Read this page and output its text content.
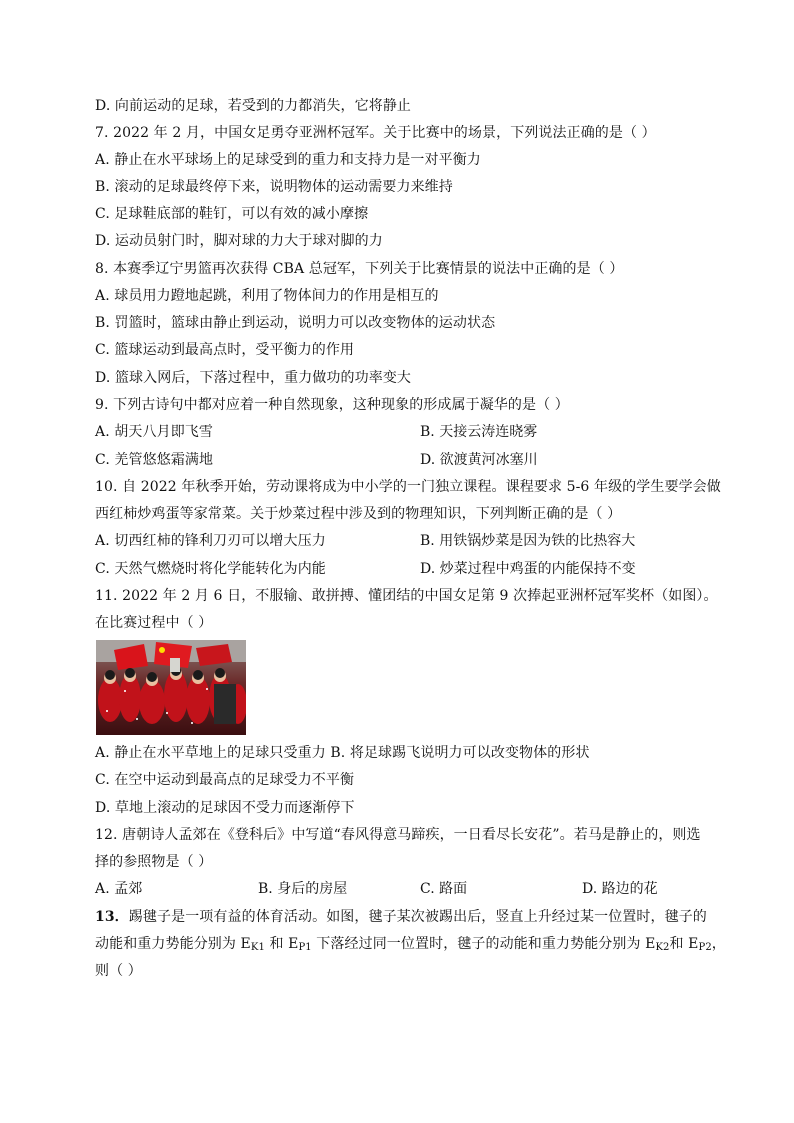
D. 向前运动的足球，若受到的力都消失，它将静止
7. 2022 年 2 月，中国女足勇夺亚洲杯冠军。关于比赛中的场景，下列说法正确的是（ ）
A. 静止在水平球场上的足球受到的重力和支持力是一对平衡力
B. 滚动的足球最终停下来，说明物体的运动需要力来维持
C. 足球鞋底部的鞋钉，可以有效的减小摩擦
D. 运动员射门时，脚对球的力大于球对脚的力
8. 本赛季辽宁男篮再次获得 CBA 总冠军，下列关于比赛情景的说法中正确的是（ ）
A. 球员用力蹬地起跳，利用了物体间力的作用是相互的
B. 罚篮时，篮球由静止到运动，说明力可以改变物体的运动状态
C. 篮球运动到最高点时，受平衡力的作用
D. 篮球入网后，下落过程中，重力做功的功率变大
9. 下列古诗句中都对应着一种自然现象，这种现象的形成属于凝华的是（ ）
A. 胡天八月即飞雪	B. 天接云涛连晓雾
C. 羌管悠悠霜满地	D. 欲渡黄河冰塞川
10. 自 2022 年秋季开始，劳动课将成为中小学的一门独立课程。课程要求 5-6 年级的学生要学会做
西红柿炒鸡蛋等家常菜。关于炒菜过程中涉及到的物理知识，下列判断正确的是（ ）
A. 切西红柿的锋利刀刃可以增大压力	B. 用铁锅炒菜是因为铁的比热容大
C. 天然气燃烧时将化学能转化为内能	D. 炒菜过程中鸡蛋的内能保持不变
11. 2022 年 2 月 6 日，不服输、敢拼搏、懂团结的中国女足第 9 次捧起亚洲杯冠军奖杯（如图）。
在比赛过程中（ ）
A. 静止在水平草地上的足球只受重力 B. 将足球踢飞说明力可以改变物体的形状
C. 在空中运动到最高点的足球受力不平衡
D. 草地上滚动的足球因不受力而逐渐停下
12. 唐朝诗人孟郊在《登科后》中写道“春风得意马蹄疾，一日看尽长安花”。若马是静止的，则选
择的参照物是（ ）
A. 孟郊	B. 身后的房屋	C. 路面	D. 路边的花
13．踢毽子是一项有益的体育活动。如图，毽子某次被踢出后，竖直上升经过某一位置时，毽子的
动能和重力势能分别为 $E_{K1}$ 和 $E_{P1}$ 下落经过同一位置时，毽子的动能和重力势能分别为 $E_{K2}$和 $E_{P2}$，
则（ ）
